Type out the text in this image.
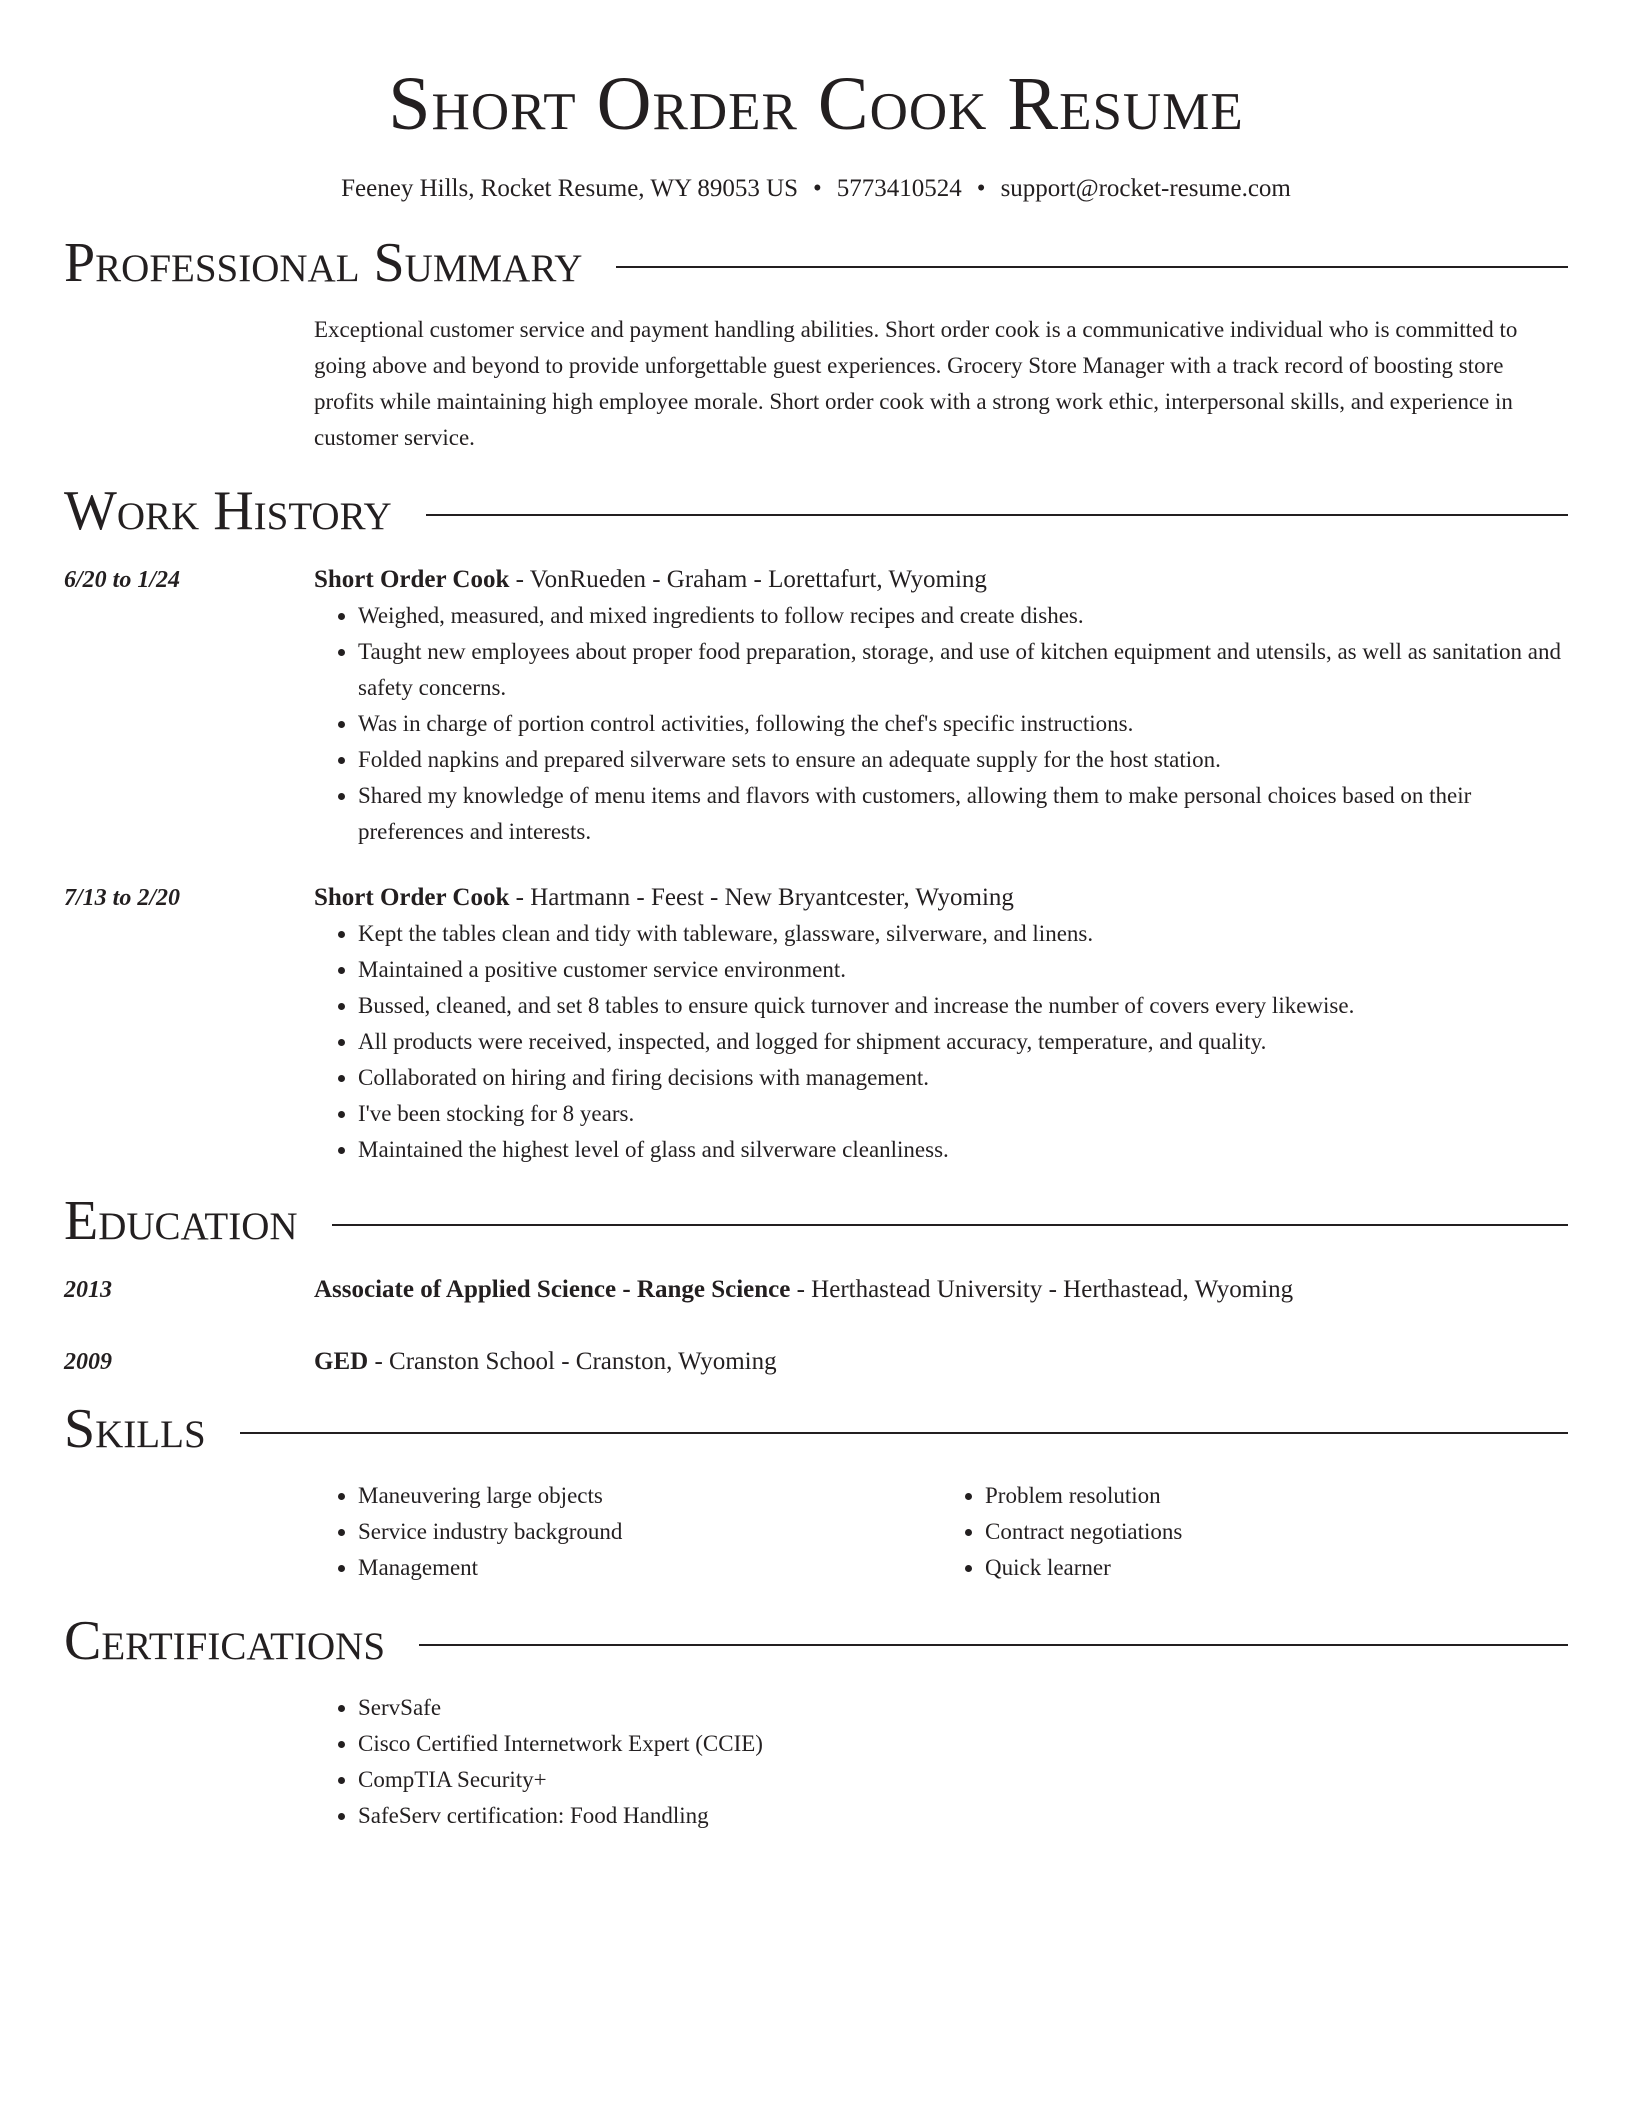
Short Order Cook Resume
Feeney Hills, Rocket Resume, WY 89053 US • 5773410524 • support@rocket-resume.com
Professional Summary
Exceptional customer service and payment handling abilities. Short order cook is a communicative individual who is committed to going above and beyond to provide unforgettable guest experiences. Grocery Store Manager with a track record of boosting store profits while maintaining high employee morale. Short order cook with a strong work ethic, interpersonal skills, and experience in customer service.
Work History
6/20 to 1/24	Short Order Cook - VonRueden - Graham - Lorettafurt, Wyoming
• Weighed, measured, and mixed ingredients to follow recipes and create dishes.
• Taught new employees about proper food preparation, storage, and use of kitchen equipment and utensils, as well as sanitation and safety concerns.
• Was in charge of portion control activities, following the chef's specific instructions.
• Folded napkins and prepared silverware sets to ensure an adequate supply for the host station.
• Shared my knowledge of menu items and flavors with customers, allowing them to make personal choices based on their preferences and interests.
7/13 to 2/20	Short Order Cook - Hartmann - Feest - New Bryantcester, Wyoming
• Kept the tables clean and tidy with tableware, glassware, silverware, and linens.
• Maintained a positive customer service environment.
• Bussed, cleaned, and set 8 tables to ensure quick turnover and increase the number of covers every likewise.
• All products were received, inspected, and logged for shipment accuracy, temperature, and quality.
• Collaborated on hiring and firing decisions with management.
• I've been stocking for 8 years.
• Maintained the highest level of glass and silverware cleanliness.
Education
2013	Associate of Applied Science - Range Science - Herthastead University - Herthastead, Wyoming
2009	GED - Cranston School - Cranston, Wyoming
Skills
• Maneuvering large objects
• Service industry background
• Management
• Problem resolution
• Contract negotiations
• Quick learner
Certifications
• ServSafe
• Cisco Certified Internetwork Expert (CCIE)
• CompTIA Security+
• SafeServ certification: Food Handling
